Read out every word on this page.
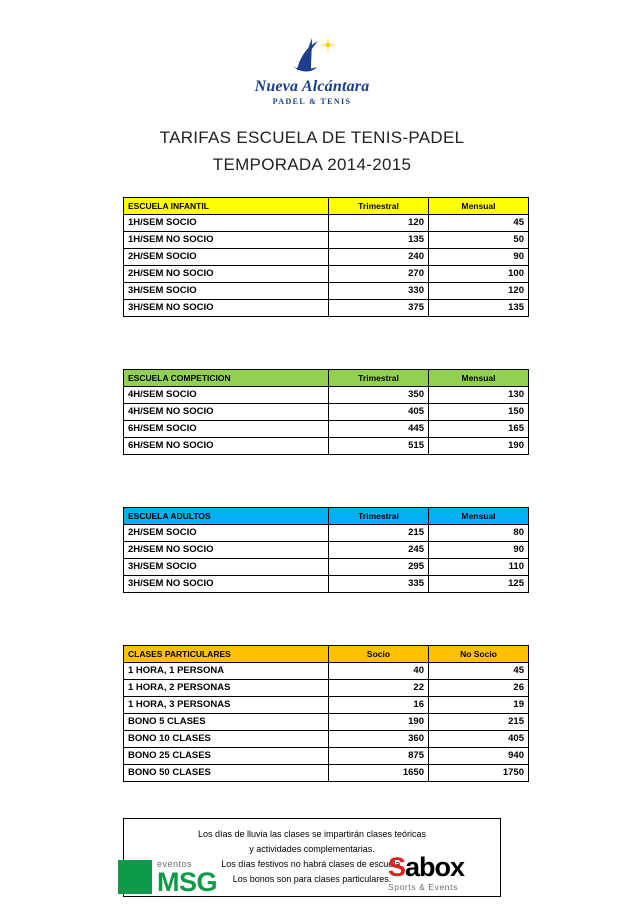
Nueva Alcántara
PADEL & TENIS
TARIFAS ESCUELA DE TENIS-PADEL
TEMPORADA 2014-2015
ESCUELA INFANTIL	Trimestral	Mensual
1H/SEM SOCIO	120	45
1H/SEM NO SOCIO	135	50
2H/SEM SOCIO	240	90
2H/SEM NO SOCIO	270	100
3H/SEM SOCIO	330	120
3H/SEM NO SOCIO	375	135
ESCUELA COMPETICION	Trimestral	Mensual
4H/SEM SOCIO	350	130
4H/SEM NO SOCIO	405	150
6H/SEM SOCIO	445	165
6H/SEM NO SOCIO	515	190
ESCUELA ADULTOS	Trimestral	Mensual
2H/SEM SOCIO	215	80
2H/SEM NO SOCIO	245	90
3H/SEM SOCIO	295	110
3H/SEM NO SOCIO	335	125
CLASES PARTICULARES	Socio	No Socio
1 HORA, 1 PERSONA	40	45
1 HORA, 2 PERSONAS	22	26
1 HORA, 3 PERSONAS	16	19
BONO 5 CLASES	190	215
BONO 10 CLASES	360	405
BONO 25 CLASES	875	940
BONO 50 CLASES	1650	1750
Los días de lluvia las clases se impartirán clases teóricas
y actividades complementarias.
Los días festivos no habrá clases de escuela.
Los bonos son para clases particulares.
eventos
MSG	Sabox
Sports & Events
